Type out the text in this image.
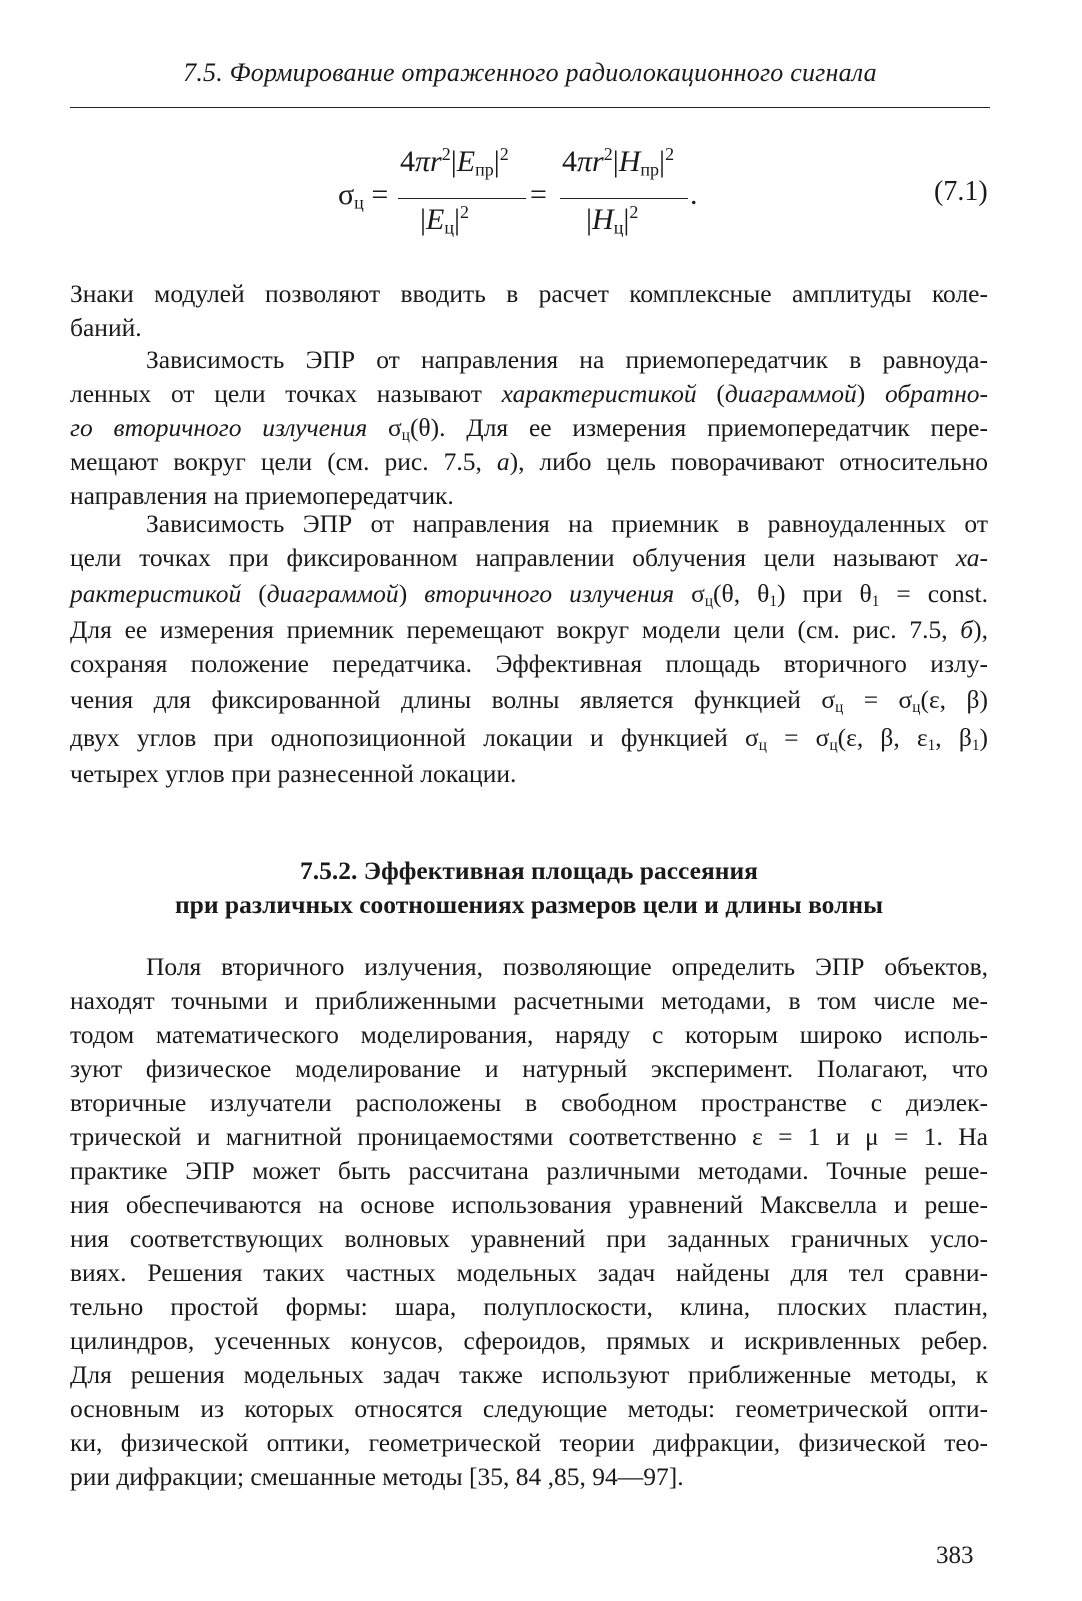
7.5. Формирование отраженного радиолокационного сигнала
$\sigma_ц$ =
$4\pi r^2|E_{пр}|^2$
$|E_ц|^2$
=
$4\pi r^2|H_{пр}|^2$
$|H_ц|^2$
.	(7.1)
Знаки модулей позволяют вводить в расчет комплексные амплитуды коле-
баний.
Зависимость ЭПР от направления на приемопередатчик в равноуда-
ленных от цели точках называют характеристикой (диаграммой) обратно-
го вторичного излучения $\sigma_ц(\theta)$. Для ее измерения приемопередатчик пере-
мещают вокруг цели (см. рис. 7.5, а), либо цель поворачивают относительно
направления на приемопередатчик.
Зависимость ЭПР от направления на приемник в равноудаленных от
цели точках при фиксированном направлении облучения цели называют ха-
рактеристикой (диаграммой) вторичного излучения $\sigma_ц(\theta$, $\theta_1$) при $\theta_1$ = const.
Для ее измерения приемник перемещают вокруг модели цели (см. рис. 7.5, б),
сохраняя положение передатчика. Эффективная площадь вторичного излу-
чения для фиксированной длины волны является функцией $\sigma_ц = \sigma_ц(\varepsilon$, β)
двух углов при однопозиционной локации и функцией $\sigma_ц = \sigma_ц(\varepsilon$, β, $\varepsilon_1$, $\beta_1$)
четырех углов при разнесенной локации.
7.5.2. Эффективная площадь рассеяния
при различных соотношениях размеров цели и длины волны
Поля вторичного излучения, позволяющие определить ЭПР объектов,
находят точными и приближенными расчетными методами, в том числе ме-
тодом математического моделирования, наряду с которым широко исполь-
зуют физическое моделирование и натурный эксперимент. Полагают, что
вторичные излучатели расположены в свободном пространстве с диэлек-
трической и магнитной проницаемостями соответственно ε = 1 и μ = 1. На
практике ЭПР может быть рассчитана различными методами. Точные реше-
ния обеспечиваются на основе использования уравнений Максвелла и реше-
ния соответствующих волновых уравнений при заданных граничных усло-
виях. Решения таких частных модельных задач найдены для тел сравни-
тельно простой формы: шара, полуплоскости, клина, плоских пластин,
цилиндров, усеченных конусов, сфероидов, прямых и искривленных ребер.
Для решения модельных задач также используют приближенные методы, к
основным из которых относятся следующие методы: геометрической опти-
ки, физической оптики, геометрической теории дифракции, физической тео-
рии дифракции; смешанные методы [35, 84 ,85, 94—97].
383
